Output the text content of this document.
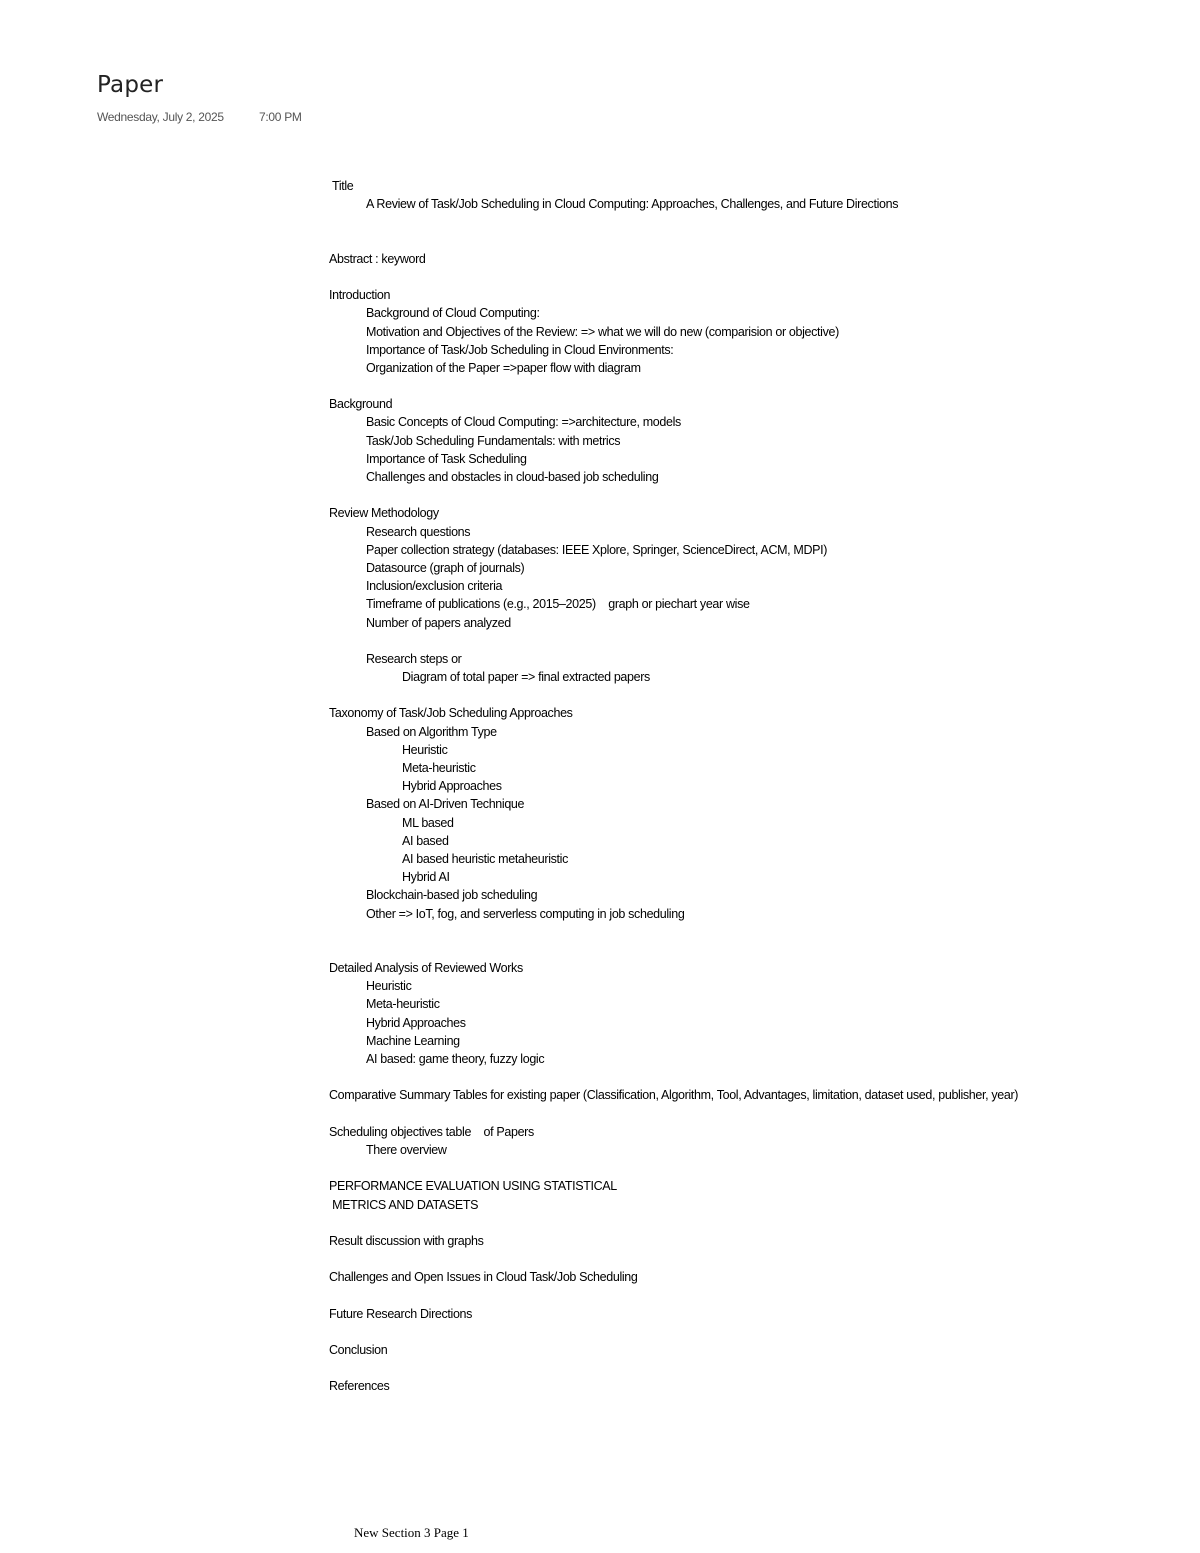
Paper
Wednesday, July 2, 2025	7:00 PM
Title
A Review of Task/Job Scheduling in Cloud Computing: Approaches, Challenges, and Future Directions
Abstract : keyword
Introduction
Background of Cloud Computing:
Motivation and Objectives of the Review: => what we will do new (comparision or objective)
Importance of Task/Job Scheduling in Cloud Environments:
Organization of the Paper =>paper flow with diagram
Background
Basic Concepts of Cloud Computing: =>architecture, models
Task/Job Scheduling Fundamentals: with metrics
Importance of Task Scheduling
Challenges and obstacles in cloud-based job scheduling
Review Methodology
Research questions
Paper collection strategy (databases: IEEE Xplore, Springer, ScienceDirect, ACM, MDPI)
Datasource (graph of journals)
Inclusion/exclusion criteria
Timeframe of publications (e.g., 2015–2025)    graph or piechart year wise
Number of papers analyzed
Research steps or
Diagram of total paper => final extracted papers
Taxonomy of Task/Job Scheduling Approaches
Based on Algorithm Type
Heuristic
Meta-heuristic
Hybrid Approaches
Based on AI-Driven Technique
ML based
AI based
AI based heuristic metaheuristic
Hybrid AI
Blockchain-based job scheduling
Other => IoT, fog, and serverless computing in job scheduling
Detailed Analysis of Reviewed Works
Heuristic
Meta-heuristic
Hybrid Approaches
Machine Learning
AI based: game theory, fuzzy logic
Comparative Summary Tables for existing paper (Classification, Algorithm, Tool, Advantages, limitation, dataset used, publisher, year)
Scheduling objectives table    of Papers
There overview
PERFORMANCE EVALUATION USING STATISTICAL
METRICS AND DATASETS
Result discussion with graphs
Challenges and Open Issues in Cloud Task/Job Scheduling
Future Research Directions
Conclusion
References
New Section 3 Page 1
